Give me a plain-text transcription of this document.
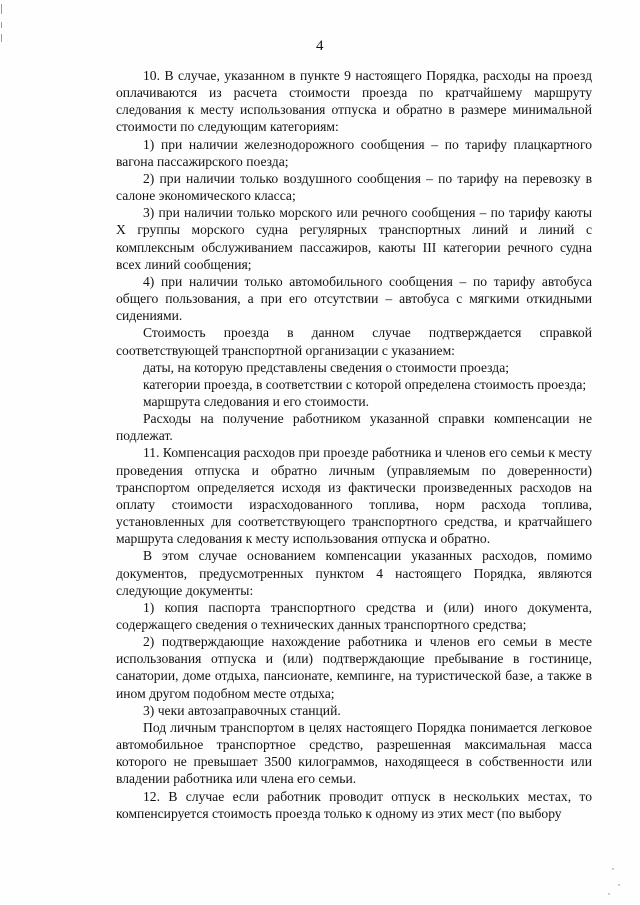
4

10. В случае, указанном в пункте 9 настоящего Порядка, расходы на проезд оплачиваются из расчета стоимости проезда по кратчайшему маршруту следования к месту использования отпуска и обратно в размере минимальной стоимости по следующим категориям:

1) при наличии железнодорожного сообщения – по тарифу плацкартного вагона пассажирского поезда;

2) при наличии только воздушного сообщения – по тарифу на перевозку в салоне экономического класса;

3) при наличии только морского или речного сообщения – по тарифу каюты X группы морского судна регулярных транспортных линий и линий с комплексным обслуживанием пассажиров, каюты III категории речного судна всех линий сообщения;

4) при наличии только автомобильного сообщения – по тарифу автобуса общего пользования, а при его отсутствии – автобуса с мягкими откидными сидениями.

Стоимость проезда в данном случае подтверждается справкой соответствующей транспортной организации с указанием:

даты, на которую представлены сведения о стоимости проезда;

категории проезда, в соответствии с которой определена стоимость проезда;

маршрута следования и его стоимости.

Расходы на получение работником указанной справки компенсации не подлежат.

11. Компенсация расходов при проезде работника и членов его семьи к месту проведения отпуска и обратно личным (управляемым по доверенности) транспортом определяется исходя из фактически произведенных расходов на оплату стоимости израсходованного топлива, норм расхода топлива, установленных для соответствующего транспортного средства, и кратчайшего маршрута следования к месту использования отпуска и обратно.

В этом случае основанием компенсации указанных расходов, помимо документов, предусмотренных пунктом 4 настоящего Порядка, являются следующие документы:

1) копия паспорта транспортного средства и (или) иного документа, содержащего сведения о технических данных транспортного средства;

2) подтверждающие нахождение работника и членов его семьи в месте использования отпуска и (или) подтверждающие пребывание в гостинице, санатории, доме отдыха, пансионате, кемпинге, на туристической базе, а также в ином другом подобном месте отдыха;

3) чеки автозаправочных станций.

Под личным транспортом в целях настоящего Порядка понимается легковое автомобильное транспортное средство, разрешенная максимальная масса которого не превышает 3500 килограммов, находящееся в собственности или владении работника или члена его семьи.

12. В случае если работник проводит отпуск в нескольких местах, то компенсируется стоимость проезда только к одному из этих мест (по выбору
